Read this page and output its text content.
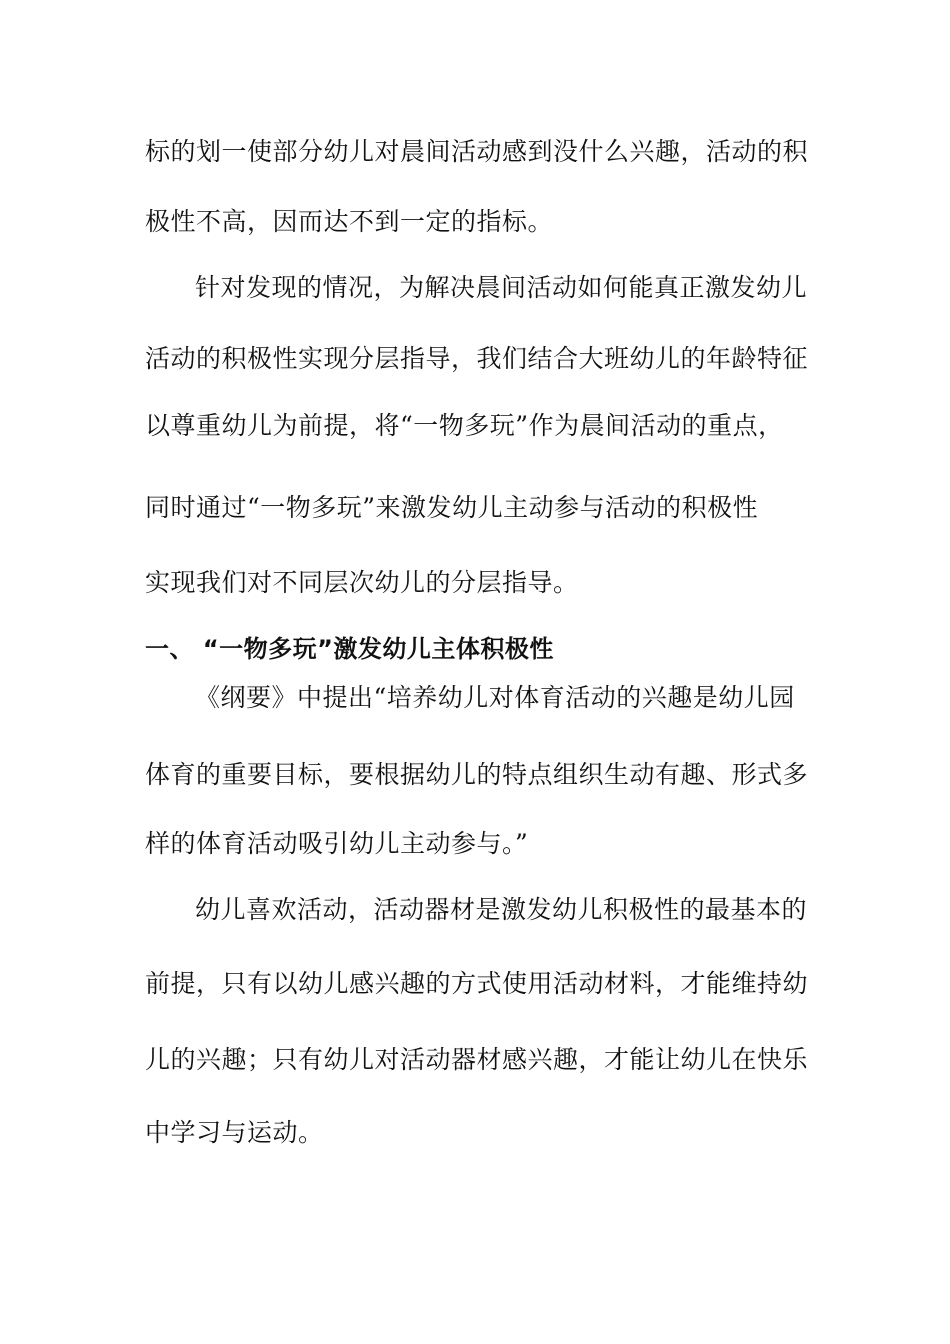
标的划一使部分幼儿对晨间活动感到没什么兴趣，活动的积
极性不高，因而达不到一定的指标。
针对发现的情况，为解决晨间活动如何能真正激发幼儿
活动的积极性实现分层指导，我们结合大班幼儿的年龄特征
以尊重幼儿为前提，将“一物多玩”作为晨间活动的重点，
同时通过“一物多玩”来激发幼儿主动参与活动的积极性
实现我们对不同层次幼儿的分层指导。
一、 “一物多玩”激发幼儿主体积极性
《纲要》中提出“培养幼儿对体育活动的兴趣是幼儿园
体育的重要目标，要根据幼儿的特点组织生动有趣、形式多
样的体育活动吸引幼儿主动参与。”
幼儿喜欢活动，活动器材是激发幼儿积极性的最基本的
前提，只有以幼儿感兴趣的方式使用活动材料，才能维持幼
儿的兴趣；只有幼儿对活动器材感兴趣，才能让幼儿在快乐
中学习与运动。
